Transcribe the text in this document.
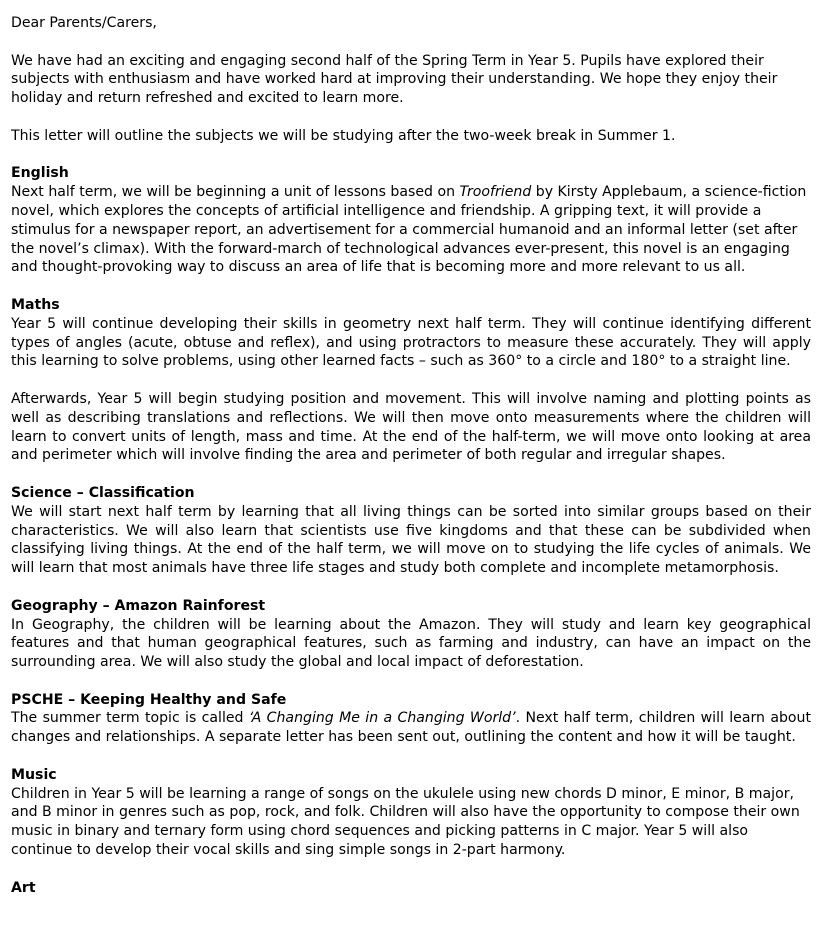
Dear Parents/Carers,

We have had an exciting and engaging second half of the Spring Term in Year 5. Pupils have explored their subjects with enthusiasm and have worked hard at improving their understanding. We hope they enjoy their holiday and return refreshed and excited to learn more.

This letter will outline the subjects we will be studying after the two-week break in Summer 1.

English

Next half term, we will be beginning a unit of lessons based on Troofriend by Kirsty Applebaum, a science-fiction novel, which explores the concepts of artificial intelligence and friendship. A gripping text, it will provide a stimulus for a newspaper report, an advertisement for a commercial humanoid and an informal letter (set after the novel’s climax). With the forward-march of technological advances ever-present, this novel is an engaging and thought-provoking way to discuss an area of life that is becoming more and more relevant to us all.

Maths

Year 5 will continue developing their skills in geometry next half term. They will continue identifying different types of angles (acute, obtuse and reflex), and using protractors to measure these accurately. They will apply this learning to solve problems, using other learned facts – such as 360° to a circle and 180° to a straight line.

Afterwards, Year 5 will begin studying position and movement. This will involve naming and plotting points as well as describing translations and reflections. We will then move onto measurements where the children will learn to convert units of length, mass and time. At the end of the half-term, we will move onto looking at area and perimeter which will involve finding the area and perimeter of both regular and irregular shapes.

Science – Classification

We will start next half term by learning that all living things can be sorted into similar groups based on their characteristics. We will also learn that scientists use five kingdoms and that these can be subdivided when classifying living things. At the end of the half term, we will move on to studying the life cycles of animals. We will learn that most animals have three life stages and study both complete and incomplete metamorphosis.

Geography – Amazon Rainforest

In Geography, the children will be learning about the Amazon. They will study and learn key geographical features and that human geographical features, such as farming and industry, can have an impact on the surrounding area. We will also study the global and local impact of deforestation.

PSCHE – Keeping Healthy and Safe

The summer term topic is called ‘A Changing Me in a Changing World’. Next half term, children will learn about changes and relationships. A separate letter has been sent out, outlining the content and how it will be taught.

Music

Children in Year 5 will be learning a range of songs on the ukulele using new chords D minor, E minor, B major, and B minor in genres such as pop, rock, and folk. Children will also have the opportunity to compose their own music in binary and ternary form using chord sequences and picking patterns in C major. Year 5 will also continue to develop their vocal skills and sing simple songs in 2-part harmony.

Art
